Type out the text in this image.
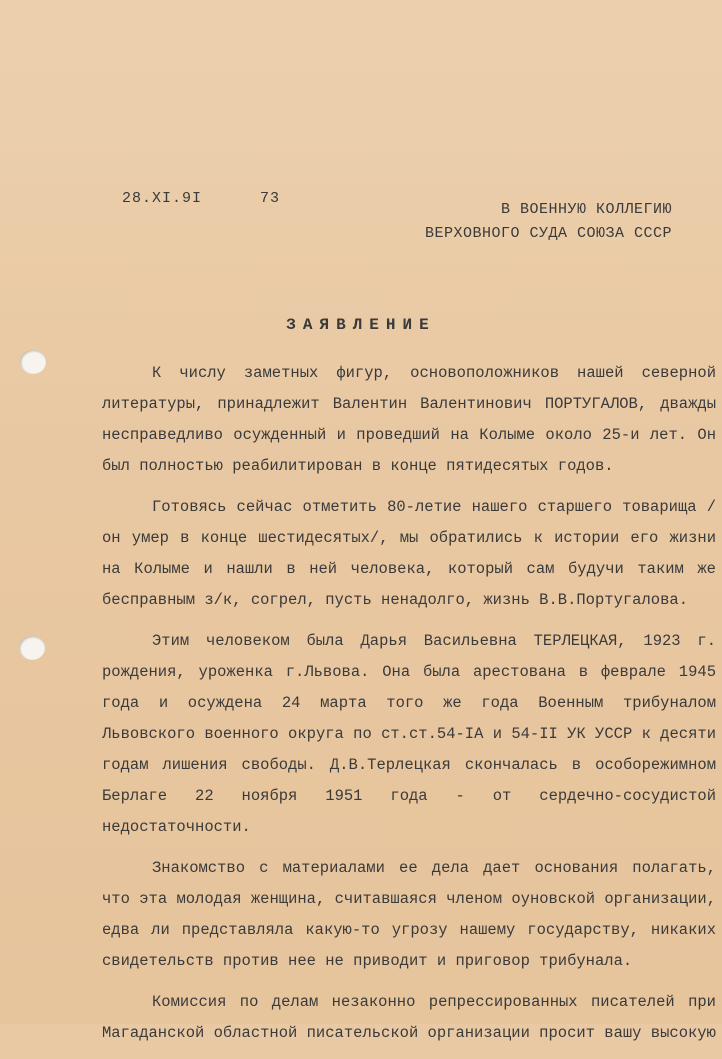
28.XI.9I	73
В ВОЕННУЮ КОЛЛЕГИЮ
ВЕРХОВНОГО СУДА СОЮЗА СССР
ЗАЯВЛЕНИЕ

К числу заметных фигур, основоположников нашей северной литературы, принадлежит Валентин Валентинович ПОРТУГАЛОВ, дважды несправедливо осужденный и проведший на Колыме около 25-и лет. Он был полностью реабилитирован в конце пятидесятых годов.

Готовясь сейчас отметить 80-летие нашего старшего товарища /он умер в конце шестидесятых/, мы обратились к истории его жизни на Колыме и нашли в ней человека, который сам будучи таким же бесправным з/к, согрел, пусть ненадолго, жизнь В.В.Португалова.

Этим человеком была Дарья Васильевна ТЕРЛЕЦКАЯ, 1923 г. рождения, уроженка г.Львова. Она была арестована в феврале 1945 года и осуждена 24 марта того же года Военным трибуналом Львовского военного округа по ст.ст.54-IA и 54-II УК УССР к десяти годам лишения свободы. Д.В.Терлецкая скончалась в особорежимном Берлаге 22 ноября 1951 года - от сердечно-сосудистой недостаточности.

Знакомство с материалами ее дела дает основания полагать, что эта молодая женщина, считавшаяся членом оуновской организации, едва ли представляла какую-то угрозу нашему государству, никаких свидетельств против нее не приводит и приговор трибунала.

Комиссия по делам незаконно репрессированных писателей при Магаданской областной писательской организации просит вашу высокую
